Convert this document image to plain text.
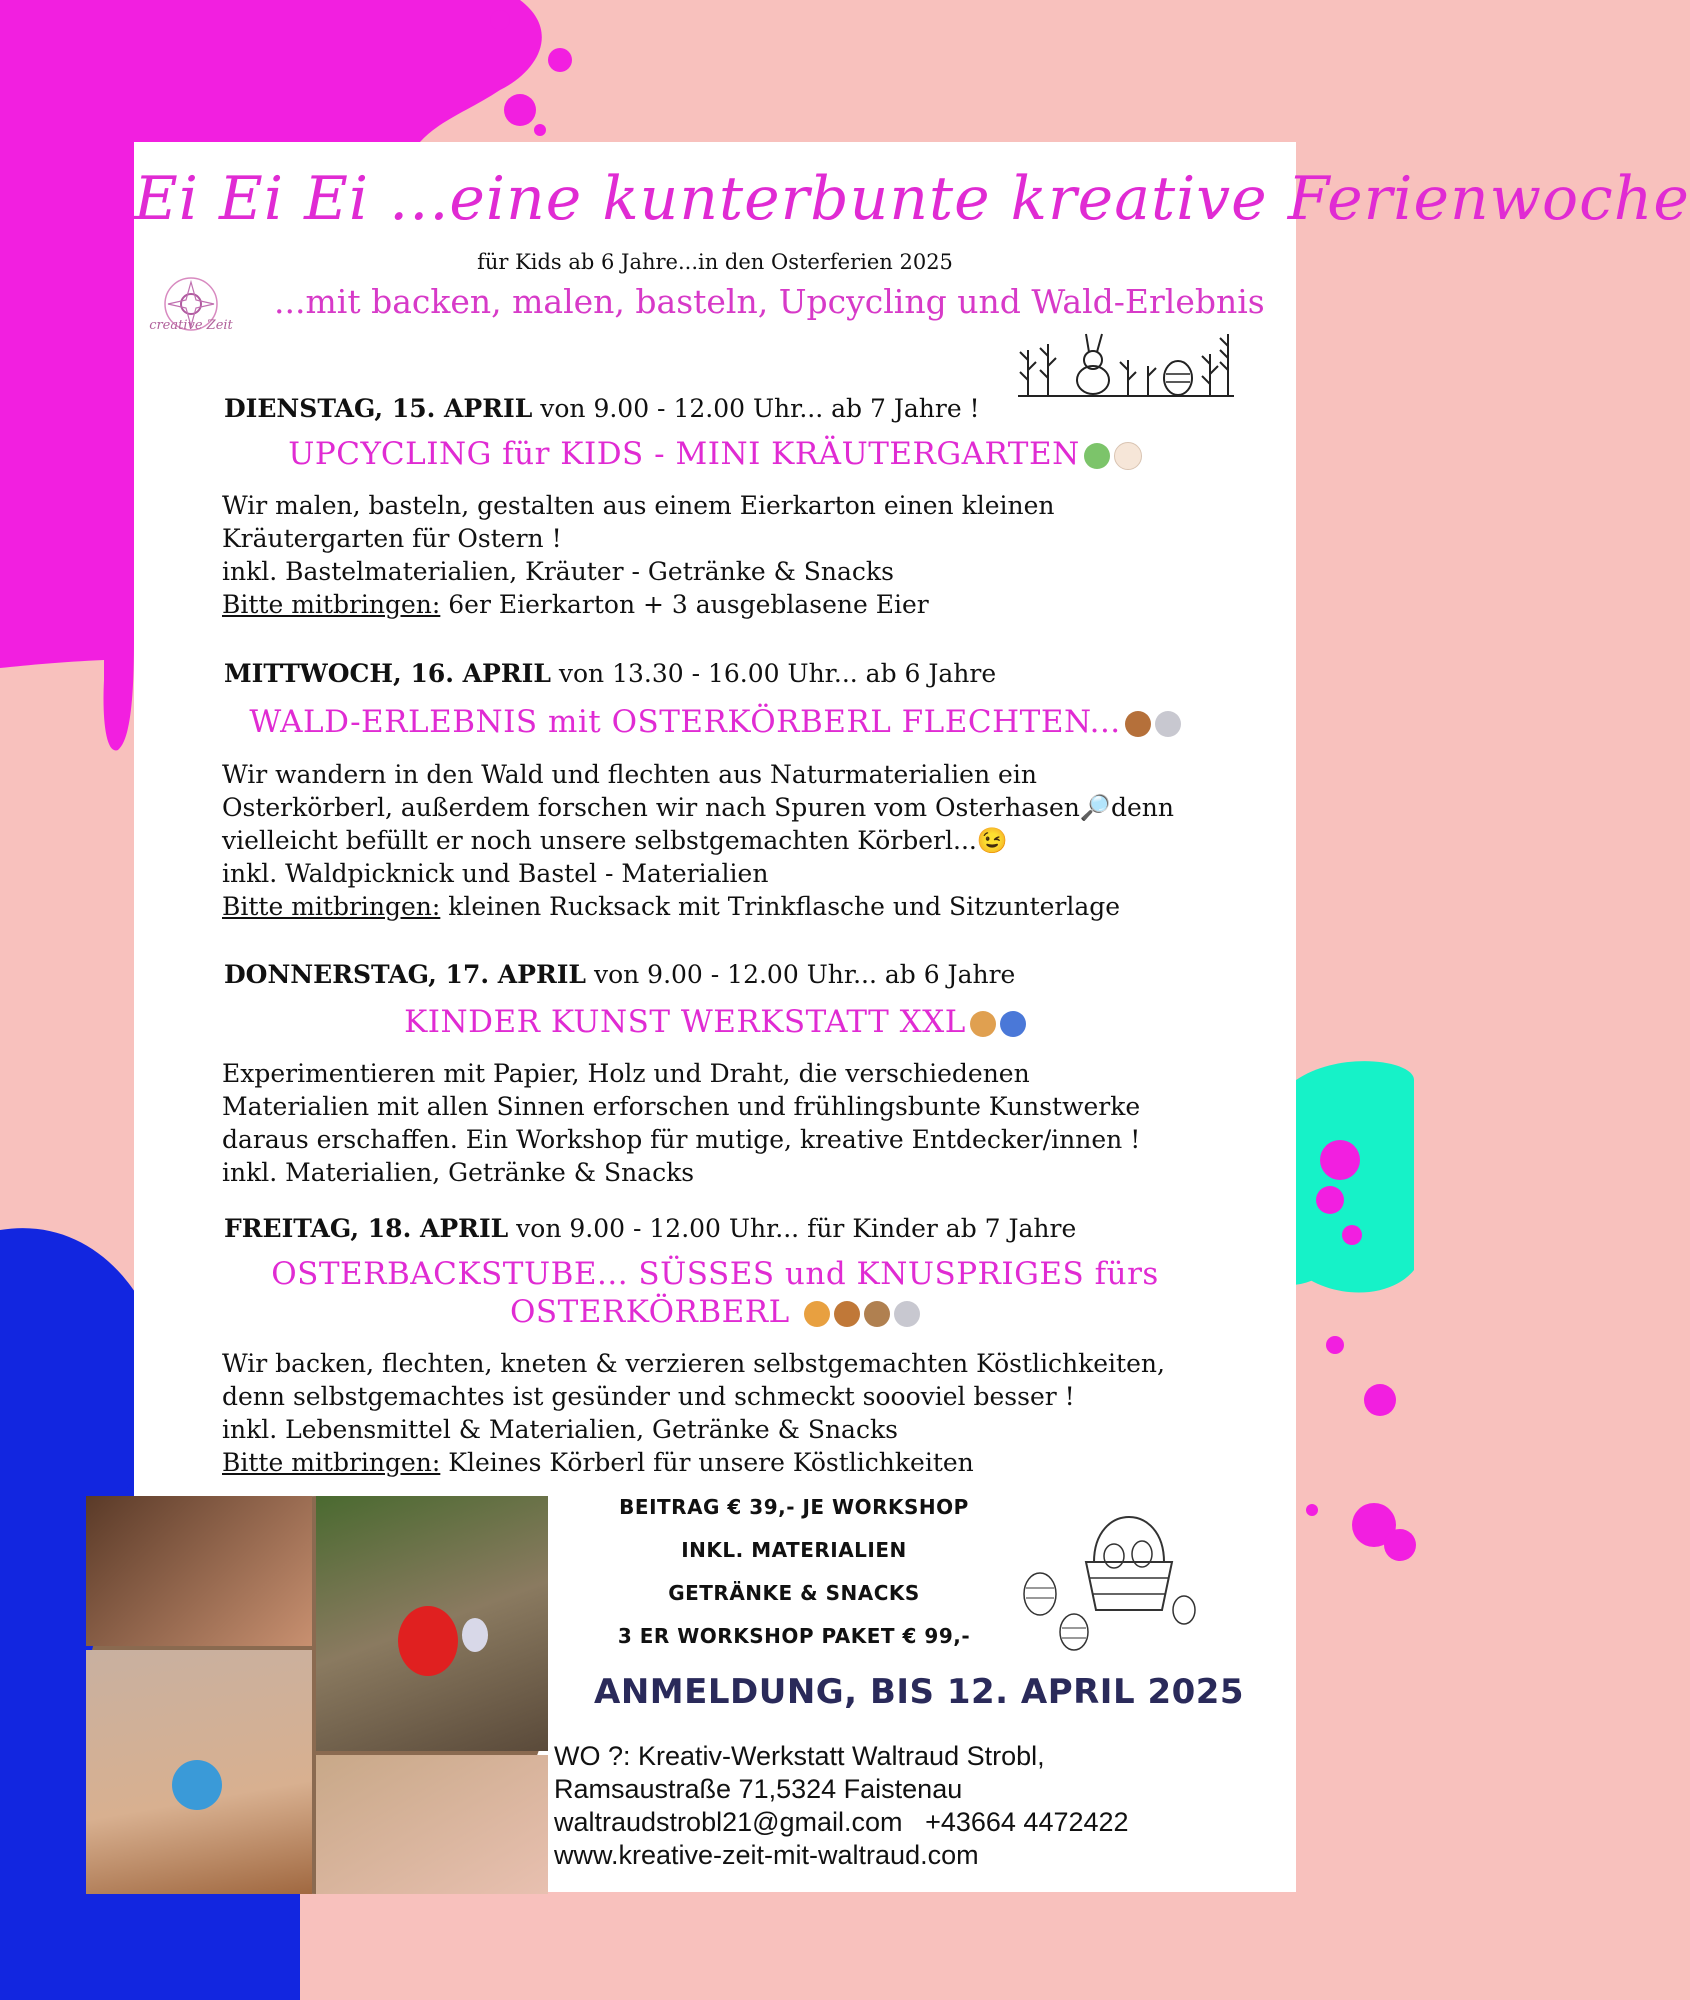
creative Zeit
Ei Ei Ei ...eine kunterbunte kreative Ferienwoche
für Kids ab 6 Jahre...in den Osterferien 2025
...mit backen, malen, basteln, Upcycling und Wald-Erlebnis
DIENSTAG, 15. APRIL von 9.00 - 12.00 Uhr... ab 7 Jahre !
UPCYCLING für KIDS - MINI KRÄUTERGARTEN

Wir malen, basteln, gestalten aus einem Eierkarton einen kleinen

Kräutergarten für Ostern !

inkl. Bastelmaterialien, Kräuter - Getränke & Snacks

Bitte mitbringen: 6er Eierkarton + 3 ausgeblasene Eier

MITTWOCH, 16. APRIL von 13.30 - 16.00 Uhr... ab 6 Jahre
WALD-ERLEBNIS mit OSTERKÖRBERL FLECHTEN...

Wir wandern in den Wald und flechten aus Naturmaterialien ein

Osterkörberl, außerdem forschen wir nach Spuren vom Osterhasen🔎denn

vielleicht befüllt er noch unsere selbstgemachten Körberl...😉

inkl. Waldpicknick und Bastel - Materialien

Bitte mitbringen: kleinen Rucksack mit Trinkflasche und Sitzunterlage

DONNERSTAG, 17. APRIL von 9.00 - 12.00 Uhr... ab 6 Jahre
KINDER KUNST WERKSTATT XXL

Experimentieren mit Papier, Holz und Draht, die verschiedenen

Materialien mit allen Sinnen erforschen und frühlingsbunte Kunstwerke

daraus erschaffen. Ein Workshop für mutige, kreative Entdecker/innen !

inkl. Materialien, Getränke & Snacks

FREITAG, 18. APRIL von 9.00 - 12.00 Uhr... für Kinder ab 7 Jahre
OSTERBACKSTUBE... SÜSSES und KNUSPRIGES fürs
OSTERKÖRBERL

Wir backen, flechten, kneten & verzieren selbstgemachten Köstlichkeiten,

denn selbstgemachtes ist gesünder und schmeckt soooviel besser !

inkl. Lebensmittel & Materialien, Getränke & Snacks

Bitte mitbringen: Kleines Körberl für unsere Köstlichkeiten

BEITRAG € 39,- JE WORKSHOP
INKL. MATERIALIEN
GETRÄNKE & SNACKS
3 ER WORKSHOP PAKET € 99,-
ANMELDUNG, BIS 12. APRIL 2025

WO ?: Kreativ-Werkstatt Waltraud Strobl,

Ramsaustraße 71,5324 Faistenau

waltraudstrobl21@gmail.com +43664 4472422

www.kreative-zeit-mit-waltraud.com
